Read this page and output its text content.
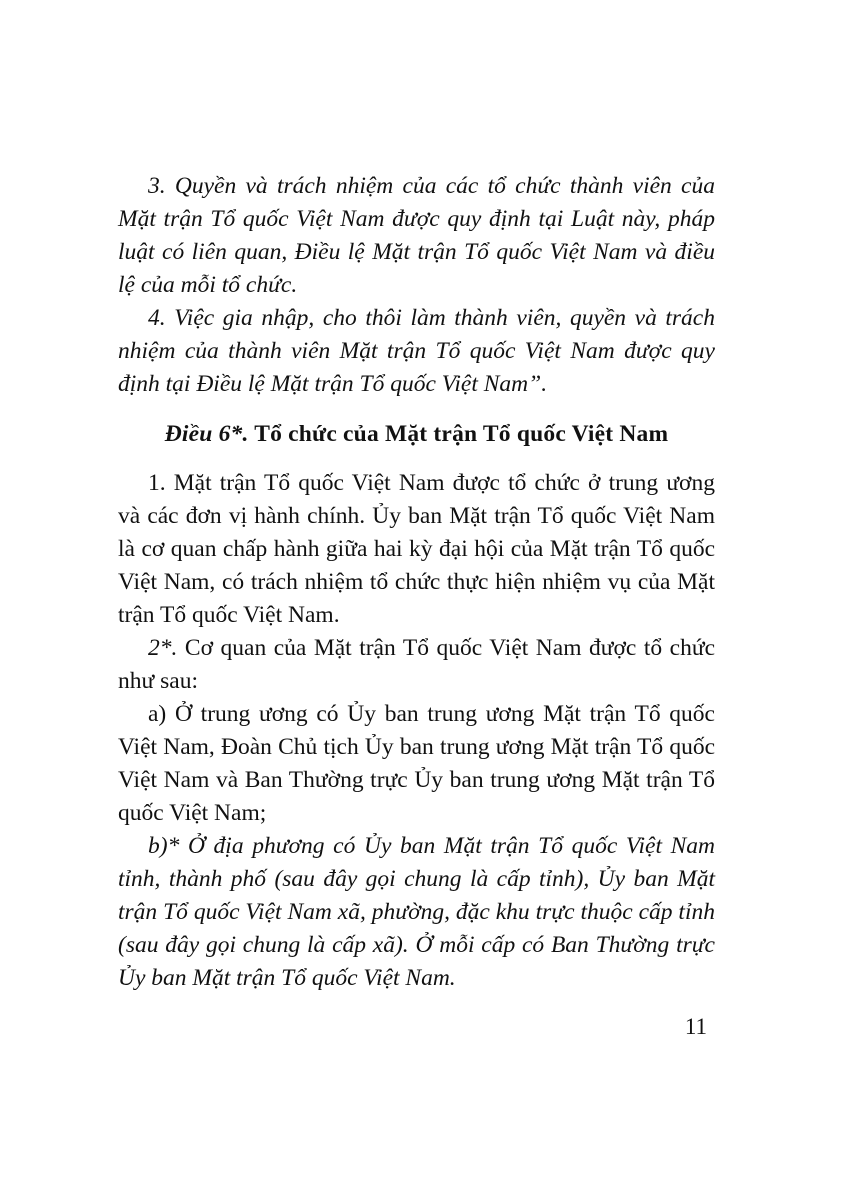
3. Quyền và trách nhiệm của các tổ chức thành viên của Mặt trận Tổ quốc Việt Nam được quy định tại Luật này, pháp luật có liên quan, Điều lệ Mặt trận Tổ quốc Việt Nam và điều lệ của mỗi tổ chức.

4. Việc gia nhập, cho thôi làm thành viên, quyền và trách nhiệm của thành viên Mặt trận Tổ quốc Việt Nam được quy định tại Điều lệ Mặt trận Tổ quốc Việt Nam”.

Điều 6*. Tổ chức của Mặt trận Tổ quốc Việt Nam

1. Mặt trận Tổ quốc Việt Nam được tổ chức ở trung ương và các đơn vị hành chính. Ủy ban Mặt trận Tổ quốc Việt Nam là cơ quan chấp hành giữa hai kỳ đại hội của Mặt trận Tổ quốc Việt Nam, có trách nhiệm tổ chức thực hiện nhiệm vụ của Mặt trận Tổ quốc Việt Nam.

2*. Cơ quan của Mặt trận Tổ quốc Việt Nam được tổ chức như sau:

a) Ở trung ương có Ủy ban trung ương Mặt trận Tổ quốc Việt Nam, Đoàn Chủ tịch Ủy ban trung ương Mặt trận Tổ quốc Việt Nam và Ban Thường trực Ủy ban trung ương Mặt trận Tổ quốc Việt Nam;

b)* Ở địa phương có Ủy ban Mặt trận Tổ quốc Việt Nam tỉnh, thành phố (sau đây gọi chung là cấp tỉnh), Ủy ban Mặt trận Tổ quốc Việt Nam xã, phường, đặc khu trực thuộc cấp tỉnh (sau đây gọi chung là cấp xã). Ở mỗi cấp có Ban Thường trực Ủy ban Mặt trận Tổ quốc Việt Nam.

11
